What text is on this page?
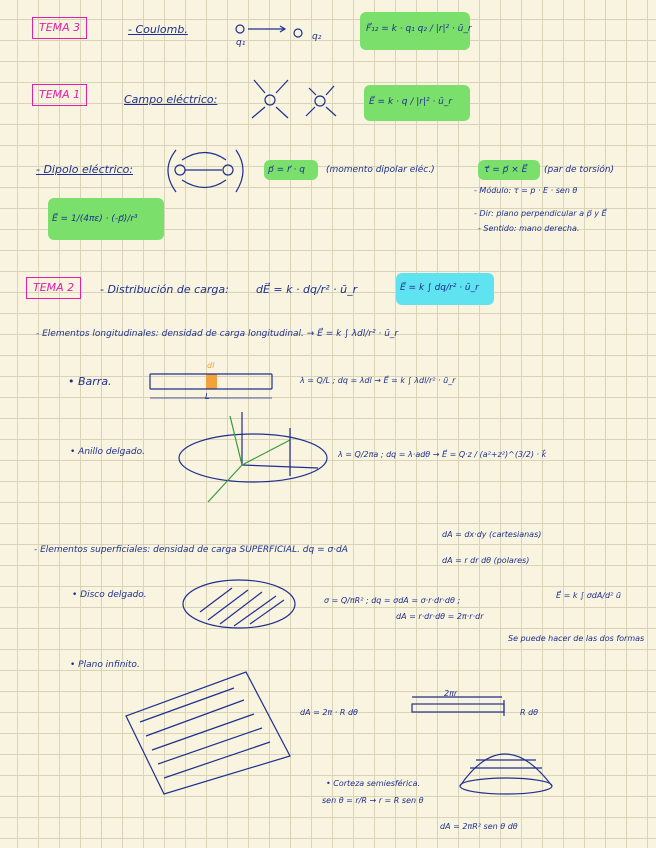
TEMA 3	- Coulomb.
q₁
q₂
F⃗₁₂ = k · q₁ q₂ / |r|² · ū_r
TEMA 1	Campo eléctrico:	E⃗ = k · q / |r|² · ū_r
- Dipolo eléctrico:	p⃗ = r⃗ · q (momento dipolar eléc.)	τ⃗ = p⃗ × E⃗ (par de torsión)
- Módulo: τ = p · E · sen θ
- Dir: plano perpendicular a p⃗ y E⃗
- Sentido: mano derecha.
E⃗ = 1/(4πε) · (-p⃗)/r³
TEMA 2	- Distribución de carga: dE⃗ = k · dq/r² · ū_r	E⃗ = k ∫ dq/r² · ū_r
- Elementos longitudinales: densidad de carga longitudinal. → E⃗ = k ∫ λdl/r² · ū_r
• Barra.
dl
L
λ = Q/L ; dq = λdl → E⃗ = k ∫ λdl/r² · ū_r
• Anillo delgado.	λ = Q/2πa ; dq = λ·adθ → E⃗ = Q·z / (a²+z²)^(3/2) · k⃗
- Elementos superficiales: densidad de carga SUPERFICIAL. dq = σ·dA
dA = dx·dy (cartesianas)
dA = r dr dθ (polares)
• Disco delgado.
σ = Q/πR² ; dq = σdA = σ·r·dr·dθ ;
dA = r·dr·dθ = 2π·r·dr
E⃗ = k ∫ σdA/d² ū
Se puede hacer de las dos formas
• Plano infinito.
dA = 2π · R dθ
2πr
R dθ
• Corteza semiesférica.
sen θ = r/R → r = R sen θ
dA = 2πR² sen θ dθ
